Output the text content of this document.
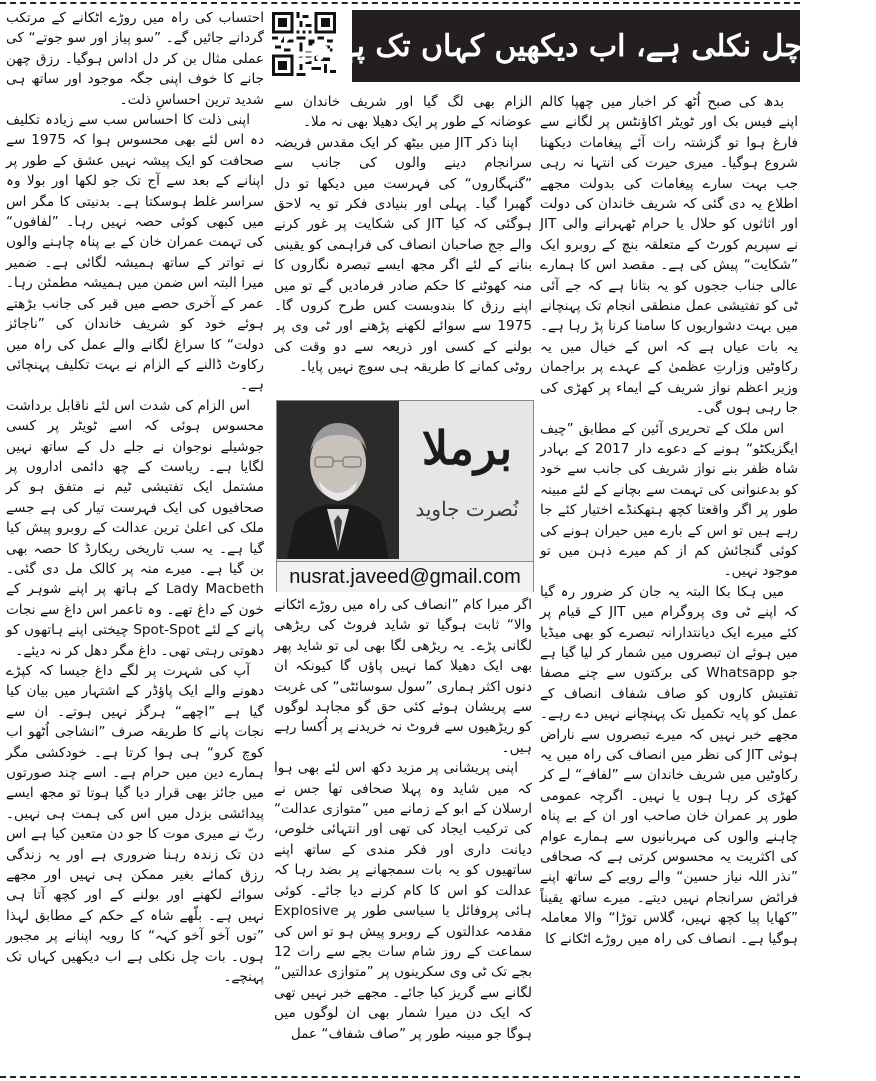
“بات چل نکلی ہے، اب دیکھیں کہاں تک پہنچے”

بدھ کی صبح اُٹھ کر اخبار میں چھپا کالم اپنے فیس بک اور ٹویٹر اکاؤنٹس پر لگانے سے فارغ ہوا تو گزشتہ رات آئے پیغامات دیکھنا شروع ہوگیا۔ میری حیرت کی انتہا نہ رہی جب بہت سارے پیغامات کی بدولت مجھے اطلاع یہ دی گئی کہ شریف خاندان کی دولت اور اثاثوں کو حلال یا حرام ٹھہرانے والی JIT نے سپریم کورٹ کے متعلقہ بنچ کے روبرو ایک ”شکایت“ پیش کی ہے۔ مقصد اس کا ہمارے عالی جناب ججوں کو یہ بتانا ہے کہ جے آئی ٹی کو تفتیشی عمل منطقی انجام تک پہنچانے میں بہت دشواریوں کا سامنا کرنا پڑ رہا ہے۔ یہ بات عیاں ہے کہ اس کے خیال میں یہ رکاوٹیں وزارتِ عظمیٰ کے عہدے پر براجمان وزیر اعظم نواز شریف کے ایماء پر کھڑی کی جا رہی ہوں گی۔

اس ملک کے تحریری آئین کے مطابق ”چیف ایگزیکٹو“ ہونے کے دعوے دار 2017 کے بہادر شاہ ظفر بنے نواز شریف کی جانب سے خود کو بدعنوانی کی تہمت سے بچانے کے لئے مبینہ طور پر اگر واقعتا کچھ ہتھکنڈے اختیار کئے جا رہے ہیں تو اس کے بارے میں حیران ہونے کی کوئی گنجائش کم از کم میرے ذہن میں تو موجود نہیں۔

میں ہکا بکا البتہ یہ جان کر ضرور رہ گیا کہ اپنے ٹی وی پروگرام میں JIT کے قیام پر کئے میرے ایک دیانتدارانہ تبصرے کو بھی میڈیا میں ہوئے ان تبصروں میں شمار کر لیا گیا ہے جو Whatsapp کی برکتوں سے چنے مصفا تفتیش کاروں کو صاف شفاف انصاف کے عمل کو پایہ تکمیل تک پہنچانے نہیں دے رہے۔ مجھے خبر نہیں کہ میرے تبصروں سے ناراض ہوئی JIT کی نظر میں انصاف کی راہ میں یہ رکاوٹیں میں شریف خاندان سے ”لفافے“ لے کر کھڑی کر رہا ہوں یا نہیں۔ اگرچہ عمومی طور پر عمران خان صاحب اور ان کے بے پناہ چاہنے والوں کی مہربانیوں سے ہمارے عوام کی اکثریت یہ محسوس کرتی ہے کہ صحافی ”نذر اللہ نیاز حسین“ والے رویے کے ساتھ اپنے فرائض سرانجام نہیں دیتے۔ میرے ساتھ یقیناً ”کھایا پیا کچھ نہیں، گلاس توڑا“ والا معاملہ ہوگیا ہے۔ انصاف کی راہ میں روڑے اٹکانے کا

الزام بھی لگ گیا اور شریف خاندان سے عوضانہ کے طور پر ایک دھیلا بھی نہ ملا۔

اپنا ذکر JIT میں بیٹھ کر ایک مقدس فریضہ سرانجام دینے والوں کی جانب سے ”گنہگاروں“ کی فہرست میں دیکھا تو دل گھبرا گیا۔ پہلی اور بنیادی فکر تو یہ لاحق ہوگئی کہ کیا JIT کی شکایت پر غور کرنے والے جج صاحبان انصاف کی فراہمی کو یقینی بنانے کے لئے اگر مجھ ایسے تبصرہ نگاروں کا منہ کھوٹنے کا حکم صادر فرمادیں گے تو میں اپنے رزق کا بندوبست کس طرح کروں گا۔ 1975 سے سوائے لکھنے پڑھنے اور ٹی وی پر بولنے کے کسی اور ذریعہ سے دو وقت کی روٹی کمانے کا طریقہ ہی سوچ نہیں پایا۔

برملا
نُصرت جاوید
nusrat.javeed@gmail.com

اگر میرا کام ”انصاف کی راہ میں روڑے اٹکانے والا“ ثابت ہوگیا تو شاید فروٹ کی ریڑھی لگانی پڑے۔ یہ ریڑھی لگا بھی لی تو شاید پھر بھی ایک دھیلا کما نہیں پاؤں گا کیونکہ ان دنوں اکثر ہماری ”سول سوسائٹی“ کی غربت سے پریشان ہوئے کئی حق گو مجاہد لوگوں کو ریڑھیوں سے فروٹ نہ خریدنے پر اُکسا رہے ہیں۔

اپنی پریشانی پر مزید دکھ اس لئے بھی ہوا کہ میں شاید وہ پہلا صحافی تھا جس نے ارسلان کے ابو کے زمانے میں ”متوازی عدالت“ کی ترکیب ایجاد کی تھی اور انتہائی خلوص، دیانت داری اور فکر مندی کے ساتھ اپنے ساتھیوں کو یہ بات سمجھانے پر بضد رہا کہ عدالت کو اس کا کام کرنے دیا جائے۔ کوئی ہائی پروفائل یا سیاسی طور پر Explosive مقدمہ عدالتوں کے روبرو پیش ہو تو اس کی سماعت کے روز شام سات بجے سے رات 12 بجے تک ٹی وی سکرینوں پر ”متوازی عدالتیں“ لگانے سے گریز کیا جائے۔ مجھے خبر نہیں تھی کہ ایک دن میرا شمار بھی ان لوگوں میں ہوگا جو مبینہ طور پر ”صاف شفاف“ عمل

احتساب کی راہ میں روڑے اٹکانے کے مرتکب گردانے جائیں گے۔ ”سو پیاز اور سو جوتے“ کی عملی مثال بن کر دل اداس ہوگیا۔ رزق چھن جانے کا خوف اپنی جگہ موجود اور ساتھ ہی شدید ترین احساسِ ذلت۔

اپنی ذلت کا احساس سب سے زیادہ تکلیف دہ اس لئے بھی محسوس ہوا کہ 1975 سے صحافت کو ایک پیشہ نہیں عشق کے طور پر اپنانے کے بعد سے آج تک جو لکھا اور بولا وہ سراسر غلط ہوسکتا ہے۔ بدنیتی کا مگر اس میں کبھی کوئی حصہ نہیں رہا۔ ”لفافوں“ کی تہمت عمران خان کے بے پناہ چاہنے والوں نے تواتر کے ساتھ ہمیشہ لگائی ہے۔ ضمیر میرا البتہ اس ضمن میں ہمیشہ مطمئن رہا۔ عمر کے آخری حصے میں قبر کی جانب بڑھتے ہوئے خود کو شریف خاندان کی ”ناجائز دولت“ کا سراغ لگانے والے عمل کی راہ میں رکاوٹ ڈالنے کے الزام نے بہت تکلیف پہنچائی ہے۔

اس الزام کی شدت اس لئے ناقابل برداشت محسوس ہوئی کہ اسے ٹویٹر پر کسی جوشیلے نوجوان نے جلے دل کے ساتھ نہیں لگایا ہے۔ ریاست کے چھ دائمی اداروں پر مشتمل ایک تفتیشی ٹیم نے متفق ہو کر صحافیوں کی ایک فہرست تیار کی ہے جسے ملک کی اعلیٰ ترین عدالت کے روبرو پیش کیا گیا ہے۔ یہ سب تاریخی ریکارڈ کا حصہ بھی بن گیا ہے۔ میرے منہ پر کالک مل دی گئی۔ Lady Macbeth کے ہاتھ پر اپنے شوہر کے خون کے داغ تھے۔ وہ تاعمر اس داغ سے نجات پانے کے لئے Spot-Spot چیختی اپنے ہاتھوں کو دھوتی رہتی تھی۔ داغ مگر دھل کر نہ دیئے۔

آپ کی شہرت پر لگے داغ جیسا کہ کپڑے دھونے والے ایک پاؤڈر کے اشتہار میں بیان کیا گیا ہے ”اچھے“ ہرگز نہیں ہوتے۔ ان سے نجات پانے کا طریقہ صرف ”انشاجی اُٹھو اب کوچ کرو“ ہی ہوا کرتا ہے۔ خودکشی مگر ہمارے دین میں حرام ہے۔ اسے چند صورتوں میں جائز بھی قرار دیا گیا ہوتا تو مجھ ایسے پیدائشی بزدل میں اس کی ہمت ہی نہیں۔ ربّ نے میری موت کا جو دن متعین کیا ہے اس دن تک زندہ رہنا ضروری ہے اور یہ زندگی رزق کمائے بغیر ممکن ہی نہیں اور مجھے سوائے لکھنے اور بولنے کے اور کچھ آتا ہی نہیں ہے۔ بلّھے شاہ کے حکم کے مطابق لہذا ”توں آخو آخو کہہ“ کا رویہ اپنانے پر مجبور ہوں۔ بات چل نکلی ہے اب دیکھیں کہاں تک پہنچے۔
